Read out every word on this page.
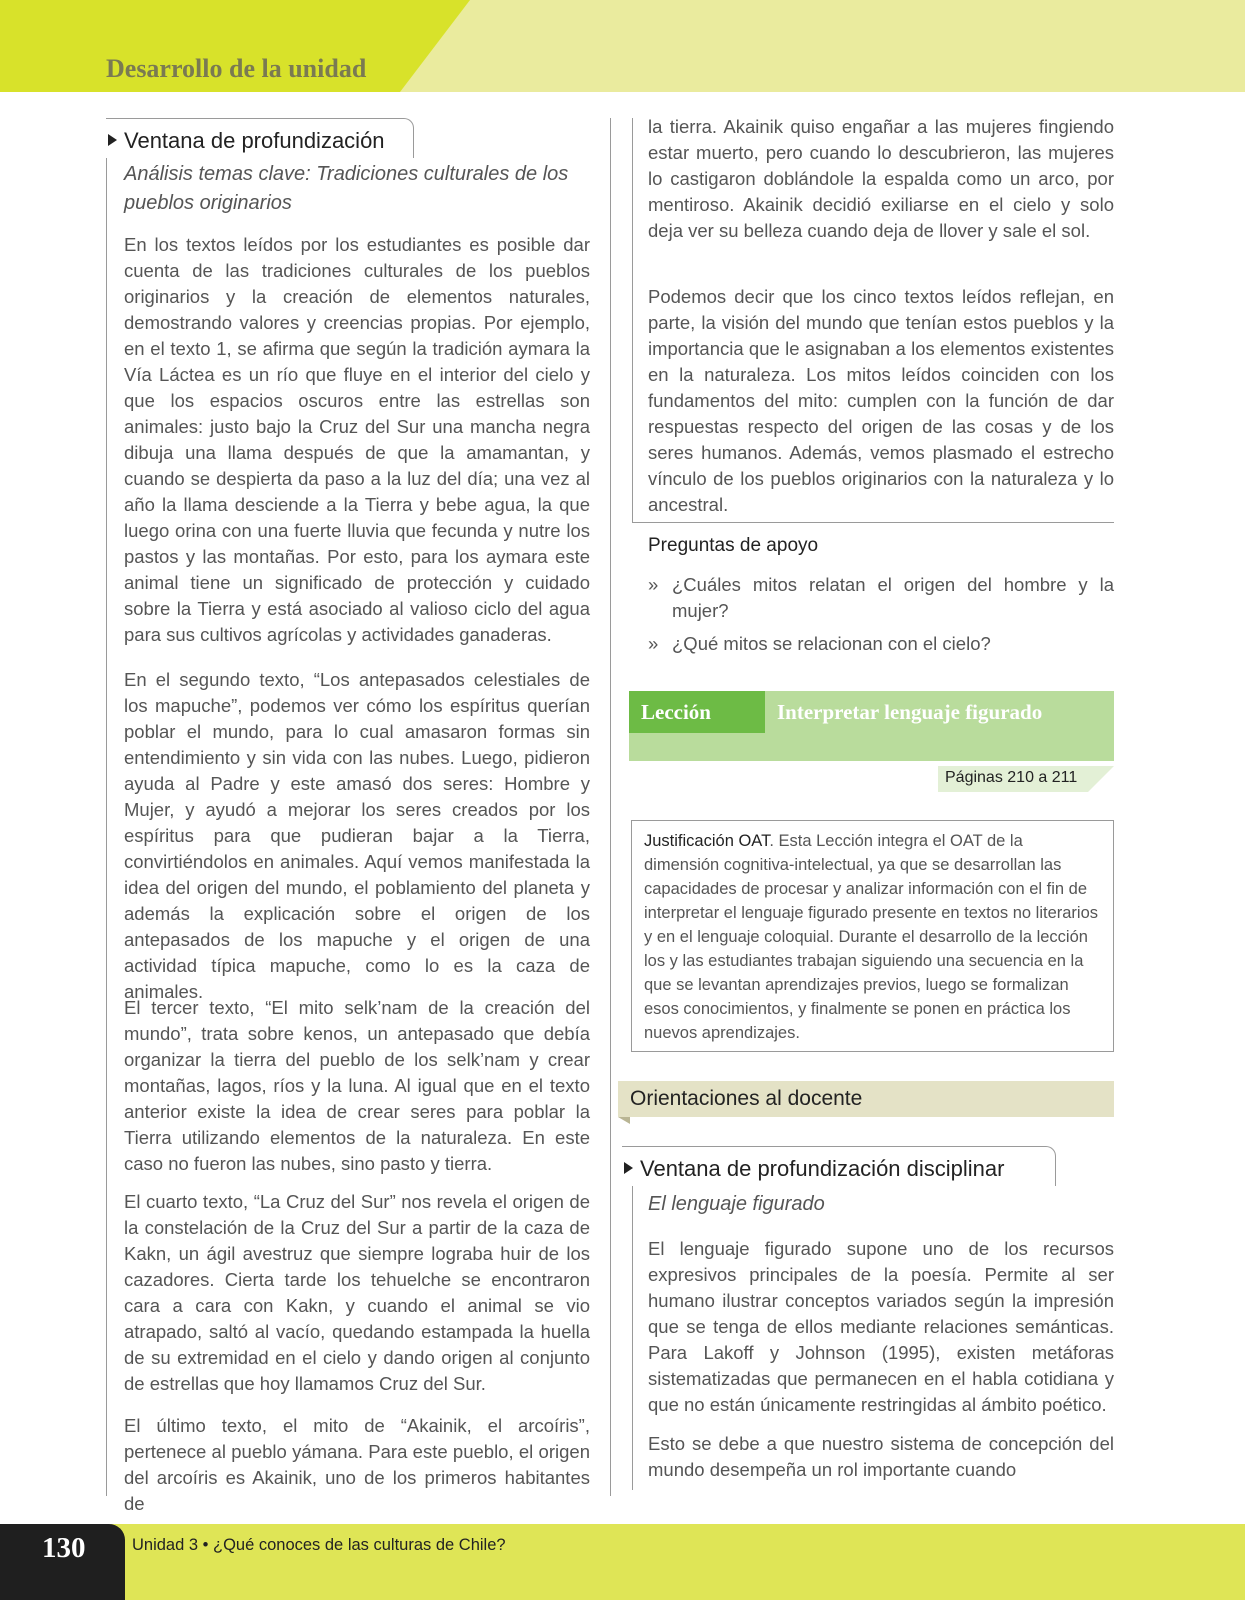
Desarrollo de la unidad
Ventana de profundización
Análisis temas clave: Tradiciones culturales de los pueblos originarios
En los textos leídos por los estudiantes es posible dar cuenta de las tradiciones culturales de los pueblos originarios y la creación de elementos naturales, demostrando valores y creencias propias. Por ejemplo, en el texto 1, se afirma que según la tradición aymara la Vía Láctea es un río que fluye en el interior del cielo y que los espacios oscuros entre las estrellas son animales: justo bajo la Cruz del Sur una mancha negra dibuja una llama después de que la amamantan, y cuando se despierta da paso a la luz del día; una vez al año la llama desciende a la Tierra y bebe agua, la que luego orina con una fuerte lluvia que fecunda y nutre los pastos y las montañas. Por esto, para los aymara este animal tiene un significado de protección y cuidado sobre la Tierra y está asociado al valioso ciclo del agua para sus cultivos agrícolas y actividades ganaderas.
En el segundo texto, “Los antepasados celestiales de los mapuche”, podemos ver cómo los espíritus querían poblar el mundo, para lo cual amasaron formas sin entendimiento y sin vida con las nubes. Luego, pidieron ayuda al Padre y este amasó dos seres: Hombre y Mujer, y ayudó a mejorar los seres creados por los espíritus para que pudieran bajar a la Tierra, convirtiéndolos en animales. Aquí vemos manifestada la idea del origen del mundo, el poblamiento del planeta y además la explicación sobre el origen de los antepasados de los mapuche y el origen de una actividad típica mapuche, como lo es la caza de animales.
El tercer texto, “El mito selk’nam de la creación del mundo”, trata sobre kenos, un antepasado que debía organizar la tierra del pueblo de los selk’nam y crear montañas, lagos, ríos y la luna. Al igual que en el texto anterior existe la idea de crear seres para poblar la Tierra utilizando elementos de la naturaleza. En este caso no fueron las nubes, sino pasto y tierra.
El cuarto texto, “La Cruz del Sur” nos revela el origen de la constelación de la Cruz del Sur a partir de la caza de Kakn, un ágil avestruz que siempre lograba huir de los cazadores. Cierta tarde los tehuelche se encontraron cara a cara con Kakn, y cuando el animal se vio atrapado, saltó al vacío, quedando estampada la huella de su extremidad en el cielo y dando origen al conjunto de estrellas que hoy llamamos Cruz del Sur.
El último texto, el mito de “Akainik, el arcoíris”, pertenece al pueblo yámana. Para este pueblo, el origen del arcoíris es Akainik, uno de los primeros habitantes de
la tierra. Akainik quiso engañar a las mujeres fingiendo estar muerto, pero cuando lo descubrieron, las mujeres lo castigaron doblándole la espalda como un arco, por mentiroso. Akainik decidió exiliarse en el cielo y solo deja ver su belleza cuando deja de llover y sale el sol.
Podemos decir que los cinco textos leídos reflejan, en parte, la visión del mundo que tenían estos pueblos y la importancia que le asignaban a los elementos existentes en la naturaleza. Los mitos leídos coinciden con los fundamentos del mito: cumplen con la función de dar respuestas respecto del origen de las cosas y de los seres humanos. Además, vemos plasmado el estrecho vínculo de los pueblos originarios con la naturaleza y lo ancestral.
Preguntas de apoyo
» ¿Cuáles mitos relatan el origen del hombre y la mujer?
» ¿Qué mitos se relacionan con el cielo?
Lección	Interpretar lenguaje figurado
Páginas 210 a 211
Justificación OAT. Esta Lección integra el OAT de la dimensión cognitiva-intelectual, ya que se desarrollan las capacidades de procesar y analizar información con el fin de interpretar el lenguaje figurado presente en textos no literarios y en el lenguaje coloquial. Durante el desarrollo de la lección los y las estudiantes trabajan siguiendo una secuencia en la que se levantan aprendizajes previos, luego se formalizan esos conocimientos, y finalmente se ponen en práctica los nuevos aprendizajes.
Orientaciones al docente
Ventana de profundización disciplinar
El lenguaje figurado
El lenguaje figurado supone uno de los recursos expresivos principales de la poesía. Permite al ser humano ilustrar conceptos variados según la impresión que se tenga de ellos mediante relaciones semánticas. Para Lakoff y Johnson (1995), existen metáforas sistematizadas que permanecen en el habla cotidiana y que no están únicamente restringidas al ámbito poético.
Esto se debe a que nuestro sistema de concepción del mundo desempeña un rol importante cuando
130	Unidad 3 • ¿Qué conoces de las culturas de Chile?
